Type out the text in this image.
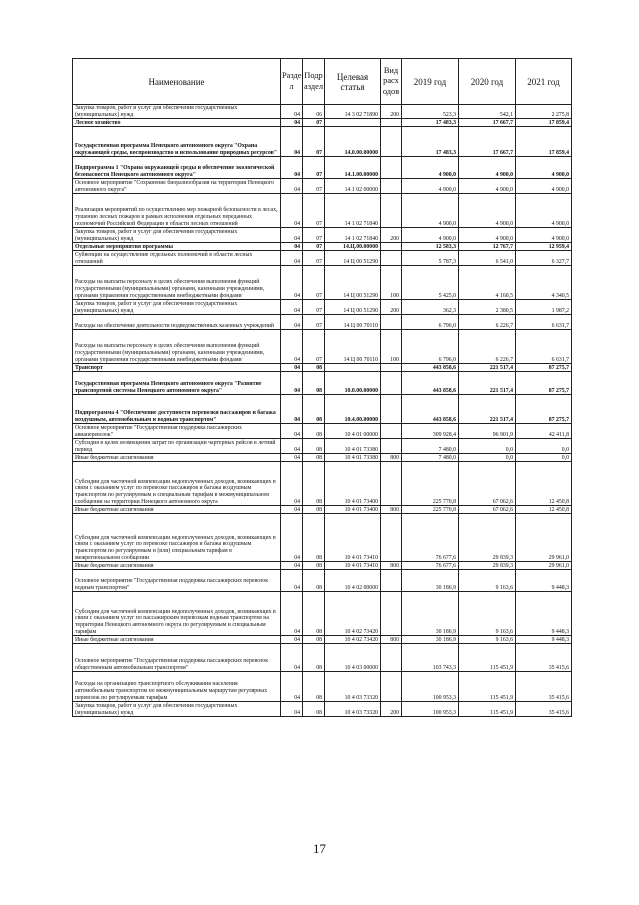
Наименование	Разде л	Подр аздел	Целевая статья	Вид расх одов	2019 год	2020 год	2021 год
Закупка товаров, работ и услуг для обеспечения государственных (муниципальных) нужд	04	06	14 3 02 71890	200	523,3	542,1	2 275,8
Лесное хозяйство	04	07			17 483,3	17 667,7	17 859,4
Государственная программа Ненецкого автономного округа "Охрана окружающей среды, воспроизводство и использование природных ресурсов"	04	07	14.0.00.00000		17 483,3	17 667,7	17 859,4
Подпрограмма 1 "Охрана окружающей среды и обеспечение экологической безопасности Ненецкого автономного округа"	04	07	14.1.00.00000		4 900,0	4 900,0	4 900,0
Основное мероприятие "Сохранение биоразнообразия на территории Ненецкого автономного округа"	04	07	14 1 02 00000		4 900,0	4 900,0	4 900,0
Реализация мероприятий по осуществлению мер пожарной безопасности в лесах, тушению лесных пожаров в рамках исполнения отдельных переданных полномочий Российской Федерации в области лесных отношений	04	07	14 1 02 71840		4 900,0	4 900,0	4 900,0
Закупка товаров, работ и услуг для обеспечения государственных (муниципальных) нужд	04	07	14 1 02 71840	200	4 900,0	4 900,0	4 900,0
Отдельные мероприятия программы	04	07	14.Ц.00.00000		12 583,3	12 767,7	12 959,4
Субвенции на осуществление отдельных полномочий в области лесных отношений	04	07	14 Ц 00 51290		5 787,3	6 541,0	6 327,7
Расходы на выплаты персоналу в целях обеспечения выполнения функций государственными (муниципальными) органами, казенными учреждениями, органами управления государственными внебюджетными фондами	04	07	14 Ц 00 51290	100	5 425,0	4 160,5	4 340,5
Закупка товаров, работ и услуг для обеспечения государственных (муниципальных) нужд	04	07	14 Ц 00 51290	200	362,3	2 380,5	1 987,2
Расходы на обеспечение деятельности подведомственных казенных учреждений	04	07	14 Ц 00 70110		6 796,0	6 226,7	6 631,7
Расходы на выплаты персоналу в целях обеспечения выполнения функций государственными (муниципальными) органами, казенными учреждениями, органами управления государственными внебюджетными фондами	04	07	14 Ц 00 70110	100	6 796,0	6 226,7	6 631,7
Транспорт	04	08			443 858,6	221 517,4	87 275,7
Государственная программа Ненецкого автономного округа "Развитие транспортной системы Ненецкого автономного округа"	04	08	10.0.00.00000		443 858,6	221 517,4	87 275,7
Подпрограмма 4 "Обеспечение доступности перевозки пассажиров и багажа воздушным, автомобильным и водным транспортом"	04	08	10.4.00.00000		443 858,6	221 517,4	87 275,7
Основное мероприятие "Государственная поддержка пассажирских авиаперевозок"	04	08	10 4 01 00000		309 928,4	96 901,9	42 411,8
Субсидия в целях возмещения затрат по организации чартерных рейсов в летний период	04	08	10 4 01 73380		7 480,0	0,0	0,0
Иные бюджетные ассигнования	04	08	10 4 01 73380	800	7 480,0	0,0	0,0
Субсидии для частичной компенсации недополученных доходов, возникающих в связи с оказанием услуг по перевозке пассажиров и багажа воздушным транспортом по регулируемым и специальным тарифам в межмуниципальном сообщении на территории Ненецкого автономного округа	04	08	10 4 01 73400		225 770,8	67 062,6	12 450,8
Иные бюджетные ассигнования	04	08	10 4 01 73400	800	225 770,8	67 062,6	12 450,8
Субсидии для частичной компенсации недополученных доходов, возникающих в связи с оказанием услуг по перевозке пассажиров и багажа воздушным транспортом по регулируемым и (или) специальным тарифам в межрегиональном сообщении	04	08	10 4 01 73410		76 677,6	29 839,3	29 961,0
Иные бюджетные ассигнования	04	08	10 4 01 73410	800	76 677,6	29 839,3	29 961,0
Основное мероприятие "Государственная поддержка пассажирских перевозок водным транспортом"	04	08	10 4 02 00000		30 186,9	9 163,6	9 448,3
Субсидии для частичной компенсации недополученных доходов, возникающих в связи с оказанием услуг по пассажирским перевозкам водным транспортом на территории Ненецкого автономного округа по регулируемым и специальным тарифам	04	08	10 4 02 73420		30 186,9	9 163,6	9 448,3
Иные бюджетные ассигнования	04	08	10 4 02 73420	800	30 186,9	9 163,6	9 448,3
Основное мероприятие "Государственная поддержка пассажирских перевозок общественным автомобильным транспортом"	04	08	10 4 03 00000		103 743,3	115 451,9	35 415,6
Расходы на организацию транспортного обслуживания населения автомобильным транспортом по межмуниципальным маршрутам регулярных перевозок по регулируемым тарифам	04	08	10 4 03 73320		100 953,3	115 451,9	35 415,6
Закупка товаров, работ и услуг для обеспечения государственных (муниципальных) нужд	04	08	10 4 03 73320	200	100 953,3	115 451,9	35 415,6
17
